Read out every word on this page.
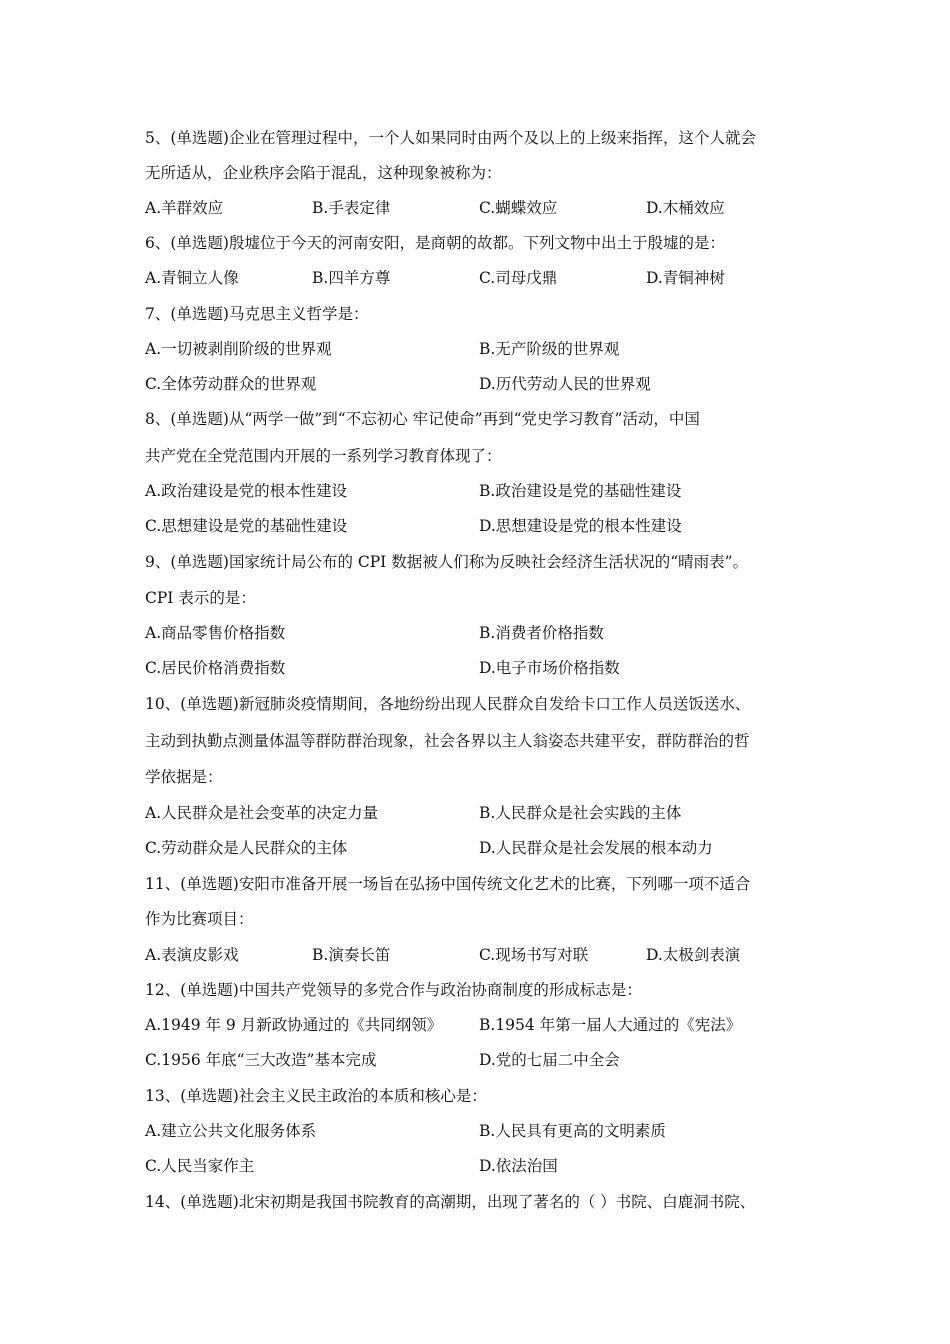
5、(单选题)企业在管理过程中，一个人如果同时由两个及以上的上级来指挥，这个人就会
无所适从，企业秩序会陷于混乱，这种现象被称为：
A.羊群效应	B.手表定律	C.蝴蝶效应	D.木桶效应
6、(单选题)殷墟位于今天的河南安阳，是商朝的故都。下列文物中出土于殷墟的是：
A.青铜立人像	B.四羊方尊	C.司母戊鼎	D.青铜神树
7、(单选题)马克思主义哲学是：
A.一切被剥削阶级的世界观	B.无产阶级的世界观
C.全体劳动群众的世界观	D.历代劳动人民的世界观
8、(单选题)从“两学一做”到“不忘初心 牢记使命”再到“党史学习教育”活动，中国
共产党在全党范围内开展的一系列学习教育体现了：
A.政治建设是党的根本性建设	B.政治建设是党的基础性建设
C.思想建设是党的基础性建设	D.思想建设是党的根本性建设
9、(单选题)国家统计局公布的 CPI 数据被人们称为反映社会经济生活状况的“晴雨表”。
CPI 表示的是：
A.商品零售价格指数	B.消费者价格指数
C.居民价格消费指数	D.电子市场价格指数
10、(单选题)新冠肺炎疫情期间，各地纷纷出现人民群众自发给卡口工作人员送饭送水、
主动到执勤点测量体温等群防群治现象，社会各界以主人翁姿态共建平安，群防群治的哲
学依据是：
A.人民群众是社会变革的决定力量	B.人民群众是社会实践的主体
C.劳动群众是人民群众的主体	D.人民群众是社会发展的根本动力
11、(单选题)安阳市准备开展一场旨在弘扬中国传统文化艺术的比赛，下列哪一项不适合
作为比赛项目：
A.表演皮影戏	B.演奏长笛	C.现场书写对联	D.太极剑表演
12、(单选题)中国共产党领导的多党合作与政治协商制度的形成标志是：
A.1949 年 9 月新政协通过的《共同纲领》 B.1954 年第一届人大通过的《宪法》
C.1956 年底“三大改造”基本完成	D.党的七届二中全会
13、(单选题)社会主义民主政治的本质和核心是：
A.建立公共文化服务体系	B.人民具有更高的文明素质
C.人民当家作主	D.依法治国
14、(单选题)北宋初期是我国书院教育的高潮期，出现了著名的（ ）书院、白鹿洞书院、
